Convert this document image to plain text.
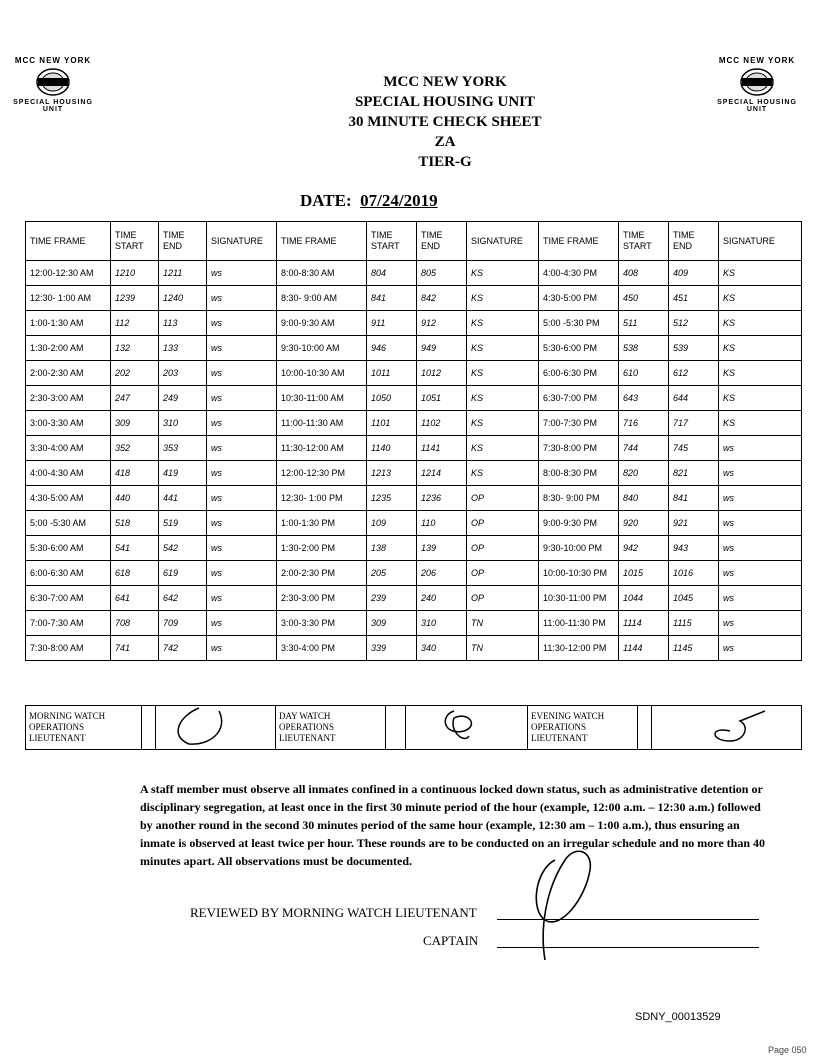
MCC NEW YORK
SPECIAL HOUSING UNIT
MCC NEW YORK
SPECIAL HOUSING UNIT
MCC NEW YORK
SPECIAL HOUSING UNIT
30 MINUTE CHECK SHEET
ZA
TIER-G
DATE: 07/24/2019
TIME FRAME	TIME START	TIME END	SIGNATURE	TIME FRAME	TIME START	TIME END	SIGNATURE	TIME FRAME	TIME START	TIME END	SIGNATURE
12:00-12:30 AM	1210	1211	ws	8:00-8:30 AM	804	805	KS	4:00-4:30 PM	408	409	KS
12:30- 1:00 AM	1239	1240	ws	8:30- 9:00 AM	841	842	KS	4:30-5:00 PM	450	451	KS
1:00-1:30 AM	112	113	ws	9:00-9:30 AM	911	912	KS	5:00 -5:30 PM	511	512	KS
1:30-2:00 AM	132	133	ws	9:30-10:00 AM	946	949	KS	5:30-6:00 PM	538	539	KS
2:00-2:30 AM	202	203	ws	10:00-10:30 AM	1011	1012	KS	6:00-6:30 PM	610	612	KS
2:30-3:00 AM	247	249	ws	10:30-11:00 AM	1050	1051	KS	6:30-7:00 PM	643	644	KS
3:00-3:30 AM	309	310	ws	11:00-11:30 AM	1101	1102	KS	7:00-7:30 PM	716	717	KS
3:30-4:00 AM	352	353	ws	11:30-12:00 AM	1140	1141	KS	7:30-8:00 PM	744	745	ws
4:00-4:30 AM	418	419	ws	12:00-12:30 PM	1213	1214	KS	8:00-8:30 PM	820	821	ws
4:30-5:00 AM	440	441	ws	12:30- 1:00 PM	1235	1236	OP	8:30- 9:00 PM	840	841	ws
5:00 -5:30 AM	518	519	ws	1:00-1:30 PM	109	110	OP	9:00-9:30 PM	920	921	ws
5:30-6:00 AM	541	542	ws	1:30-2:00 PM	138	139	OP	9:30-10:00 PM	942	943	ws
6:00-6:30 AM	618	619	ws	2:00-2:30 PM	205	206	OP	10:00-10:30 PM	1015	1016	ws
6:30-7:00 AM	641	642	ws	2:30-3:00 PM	239	240	OP	10:30-11:00 PM	1044	1045	ws
7:00-7:30 AM	708	709	ws	3:00-3:30 PM	309	310	TN	11:00-11:30 PM	1114	1115	ws
7:30-8:00 AM	741	742	ws	3:30-4:00 PM	339	340	TN	11:30-12:00 PM	1144	1145	ws
MORNING WATCH OPERATIONS LIEUTENANT			DAY WATCH OPERATIONS LIEUTENANT			EVENING WATCH OPERATIONS LIEUTENANT		
A staff member must observe all inmates confined in a continuous locked down status, such as administrative detention or disciplinary segregation, at least once in the first 30 minute period of the hour (example, 12:00 a.m. – 12:30 a.m.) followed by another round in the second 30 minutes period of the same hour (example, 12:30 am – 1:00 a.m.), thus ensuring an inmate is observed at least twice per hour. These rounds are to be conducted on an irregular schedule and no more than 40 minutes apart. All observations must be documented.
REVIEWED BY MORNING WATCH LIEUTENANT
CAPTAIN
SDNY_00013529
Page 050
